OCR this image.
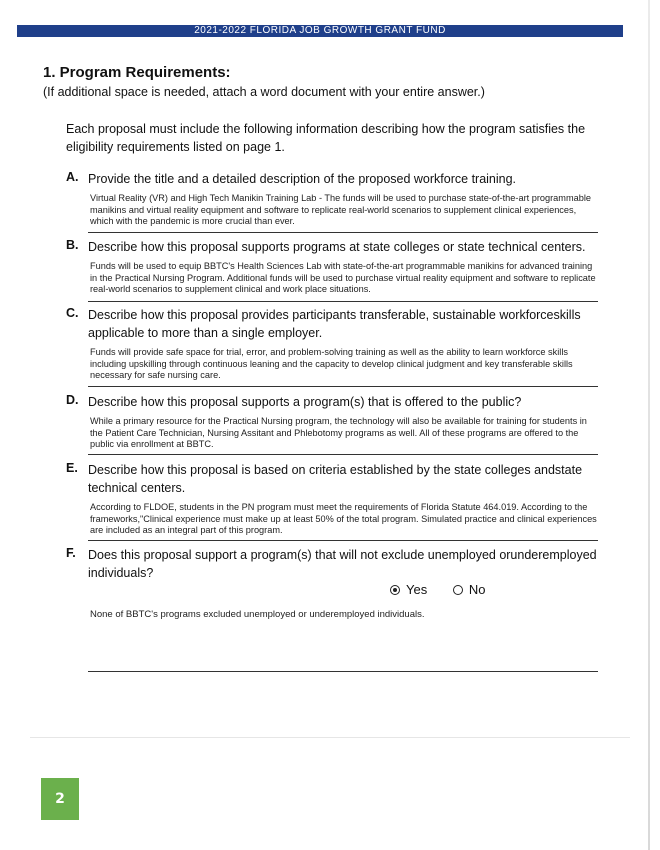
2021-2022 FLORIDA JOB GROWTH GRANT FUND
1. Program Requirements:
(If additional space is needed, attach a word document with your entire answer.)
Each proposal must include the following information describing how the program satisfies the eligibility requirements listed on page 1.
A. Provide the title and a detailed description of the proposed workforce training.
Virtual Reality (VR) and High Tech Manikin Training Lab - The funds will be used to purchase state-of-the-art programmable manikins and virtual reality equipment and software to replicate real-world scenarios to supplement clinical experiences, which with the pandemic is more crucial than ever.
B. Describe how this proposal supports programs at state colleges or state technical centers.
Funds will be used to equip BBTC's Health Sciences Lab with state-of-the-art programmable manikins for advanced training in the Practical Nursing Program. Additional funds will be used to purchase virtual reality equipment and software to replicate real-world scenarios to supplement clinical and work place situations.
C. Describe how this proposal provides participants transferable, sustainable workforceskills applicable to more than a single employer.
Funds will provide safe space for trial, error, and problem-solving training as well as the ability to learn workforce skills including upskilling through continuous leaning and the capacity to develop clinical judgment and key transferable skills necessary for safe nursing care.
D. Describe how this proposal supports a program(s) that is offered to the public?
While a primary resource for the Practical Nursing program, the technology will also be available for training for students in the Patient Care Technician, Nursing Assitant and Phlebotomy programs as well. All of these programs are offered to the public via enrollment at BBTC.
E. Describe how this proposal is based on criteria established by the state colleges andstate technical centers.
According to FLDOE, students in the PN program must meet the requirements of Florida Statute 464.019. According to the frameworks,"Clinical experience must make up at least 50% of the total program. Simulated practice and clinical experiences are included as an integral part of this program.
F. Does this proposal support a program(s) that will not exclude unemployed orunderemployed individuals?
Yes
	No
None of BBTC's programs excluded unemployed or underemployed individuals.
2
